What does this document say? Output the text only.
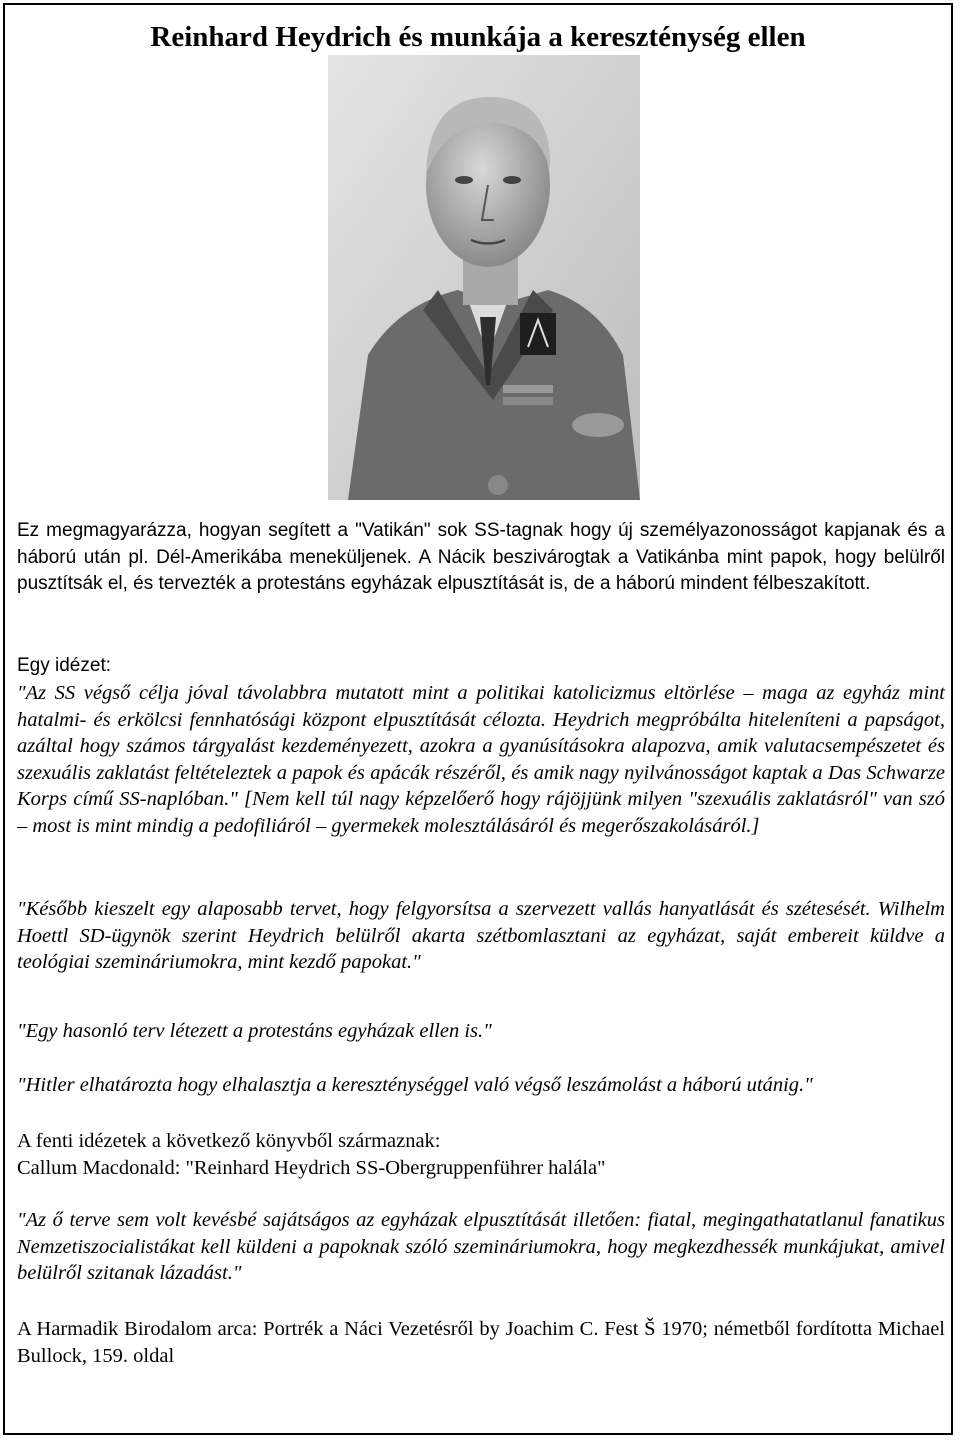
Reinhard Heydrich és munkája a kereszténység ellen

Ez megmagyarázza, hogyan segített a "Vatikán" sok SS-tagnak hogy új személyazonosságot kapjanak és a háború után pl. Dél-Amerikába meneküljenek. A Nácik beszivárogtak a Vatikánba mint papok, hogy belülről pusztítsák el, és tervezték a protestáns egyházak elpusztítását is, de a háború mindent félbeszakított.

Egy idézet:

"Az SS végső célja jóval távolabbra mutatott mint a politikai katolicizmus eltörlése – maga az egyház mint hatalmi- és erkölcsi fennhatósági központ elpusztítását célozta. Heydrich megpróbálta hiteleníteni a papságot, azáltal hogy számos tárgyalást kezdeményezett, azokra a gyanúsításokra alapozva, amik valutacsempészetet és szexuális zaklatást feltételeztek a papok és apácák részéről, és amik nagy nyilvánosságot kaptak a Das Schwarze Korps című SS-naplóban." [Nem kell túl nagy képzelőerő hogy rájöjjünk milyen "szexuális zaklatásról" van szó – most is mint mindig a pedofiliáról – gyermekek molesztálásáról és megerőszakolásáról.]

"Később kieszelt egy alaposabb tervet, hogy felgyorsítsa a szervezett vallás hanyatlását és szétesését. Wilhelm Hoettl SD-ügynök szerint Heydrich belülről akarta szétbomlasztani az egyházat, saját embereit küldve a teológiai szemináriumokra, mint kezdő papokat."

"Egy hasonló terv létezett a protestáns egyházak ellen is."

"Hitler elhatározta hogy elhalasztja a kereszténységgel való végső leszámolást a háború utánig."

A fenti idézetek a következő könyvből származnak:

Callum Macdonald: "Reinhard Heydrich SS-Obergruppenführer halála"

"Az ő terve sem volt kevésbé sajátságos az egyházak elpusztítását illetően: fiatal, megingathatatlanul fanatikus Nemzetiszocialistákat kell küldeni a papoknak szóló szemináriumokra, hogy megkezdhessék munkájukat, amivel belülről szitanak lázadást."

A Harmadik Birodalom arca: Portrék a Náci Vezetésről by Joachim C. Fest Š 1970; németből fordította Michael Bullock, 159. oldal
